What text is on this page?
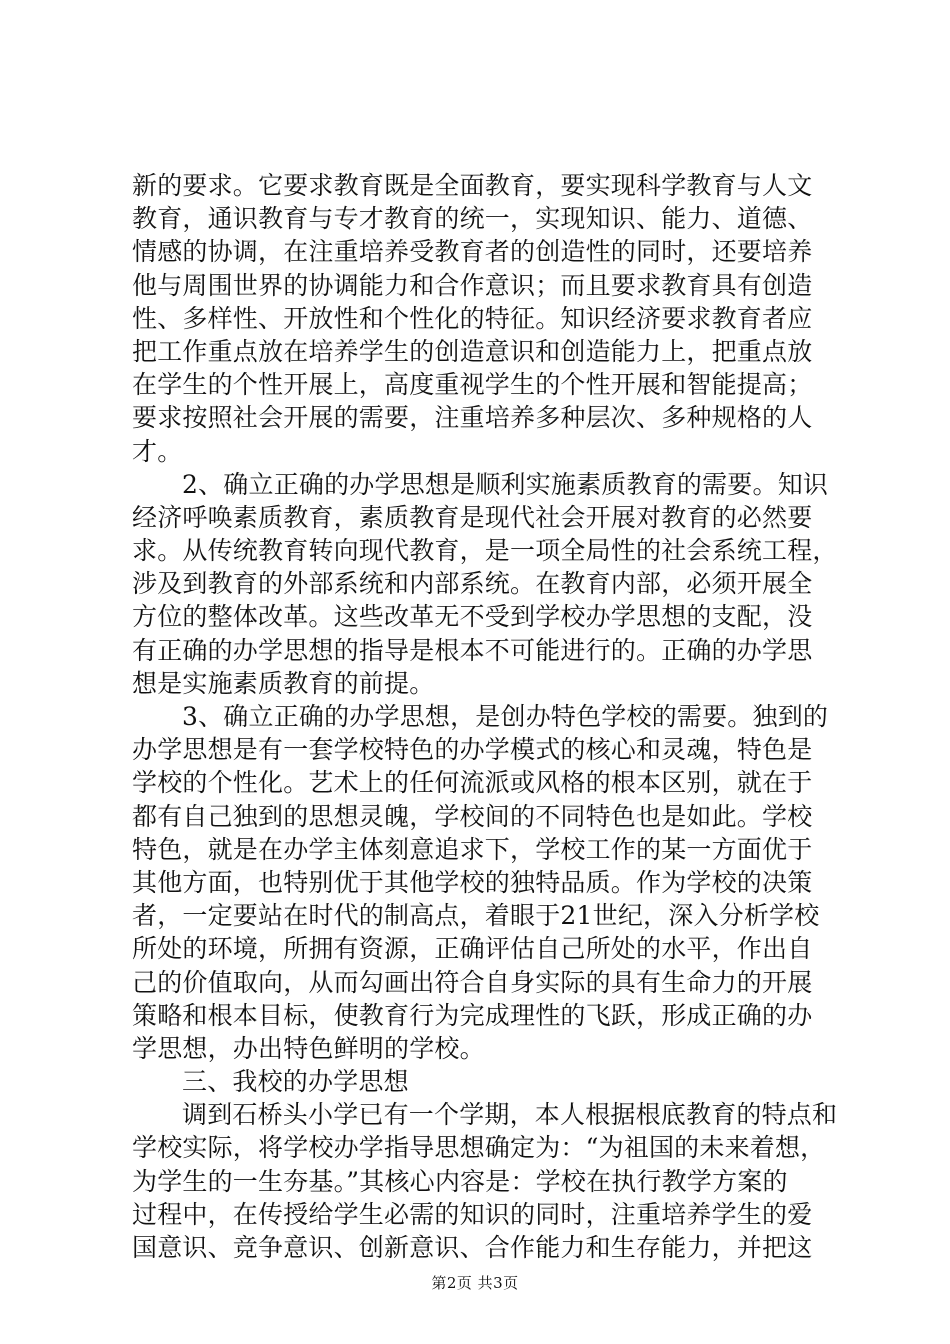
新的要求。它要求教育既是全面教育，要实现科学教育与人文
教育，通识教育与专才教育的统一，实现知识、能力、道德、
情感的协调，在注重培养受教育者的创造性的同时，还要培养
他与周围世界的协调能力和合作意识；而且要求教育具有创造
性、多样性、开放性和个性化的特征。知识经济要求教育者应
把工作重点放在培养学生的创造意识和创造能力上，把重点放
在学生的个性开展上，高度重视学生的个性开展和智能提高；
要求按照社会开展的需要，注重培养多种层次、多种规格的人
才。
2、确立正确的办学思想是顺利实施素质教育的需要。知识
经济呼唤素质教育，素质教育是现代社会开展对教育的必然要
求。从传统教育转向现代教育，是一项全局性的社会系统工程，
涉及到教育的外部系统和内部系统。在教育内部，必须开展全
方位的整体改革。这些改革无不受到学校办学思想的支配，没
有正确的办学思想的指导是根本不可能进行的。正确的办学思
想是实施素质教育的前提。
3、确立正确的办学思想，是创办特色学校的需要。独到的
办学思想是有一套学校特色的办学模式的核心和灵魂，特色是
学校的个性化。艺术上的任何流派或风格的根本区别，就在于
都有自己独到的思想灵魄，学校间的不同特色也是如此。学校
特色，就是在办学主体刻意追求下，学校工作的某一方面优于
其他方面，也特别优于其他学校的独特品质。作为学校的决策
者，一定要站在时代的制高点，着眼于21世纪，深入分析学校
所处的环境，所拥有资源，正确评估自己所处的水平，作出自
己的价值取向，从而勾画出符合自身实际的具有生命力的开展
策略和根本目标，使教育行为完成理性的飞跃，形成正确的办
学思想，办出特色鲜明的学校。
三、我校的办学思想
调到石桥头小学已有一个学期，本人根据根底教育的特点和
学校实际，将学校办学指导思想确定为：“为祖国的未来着想，
为学生的一生夯基。”其核心内容是：学校在执行教学方案的
过程中，在传授给学生必需的知识的同时，注重培养学生的爱
国意识、竞争意识、创新意识、合作能力和生存能力，并把这
第2页 共3页
